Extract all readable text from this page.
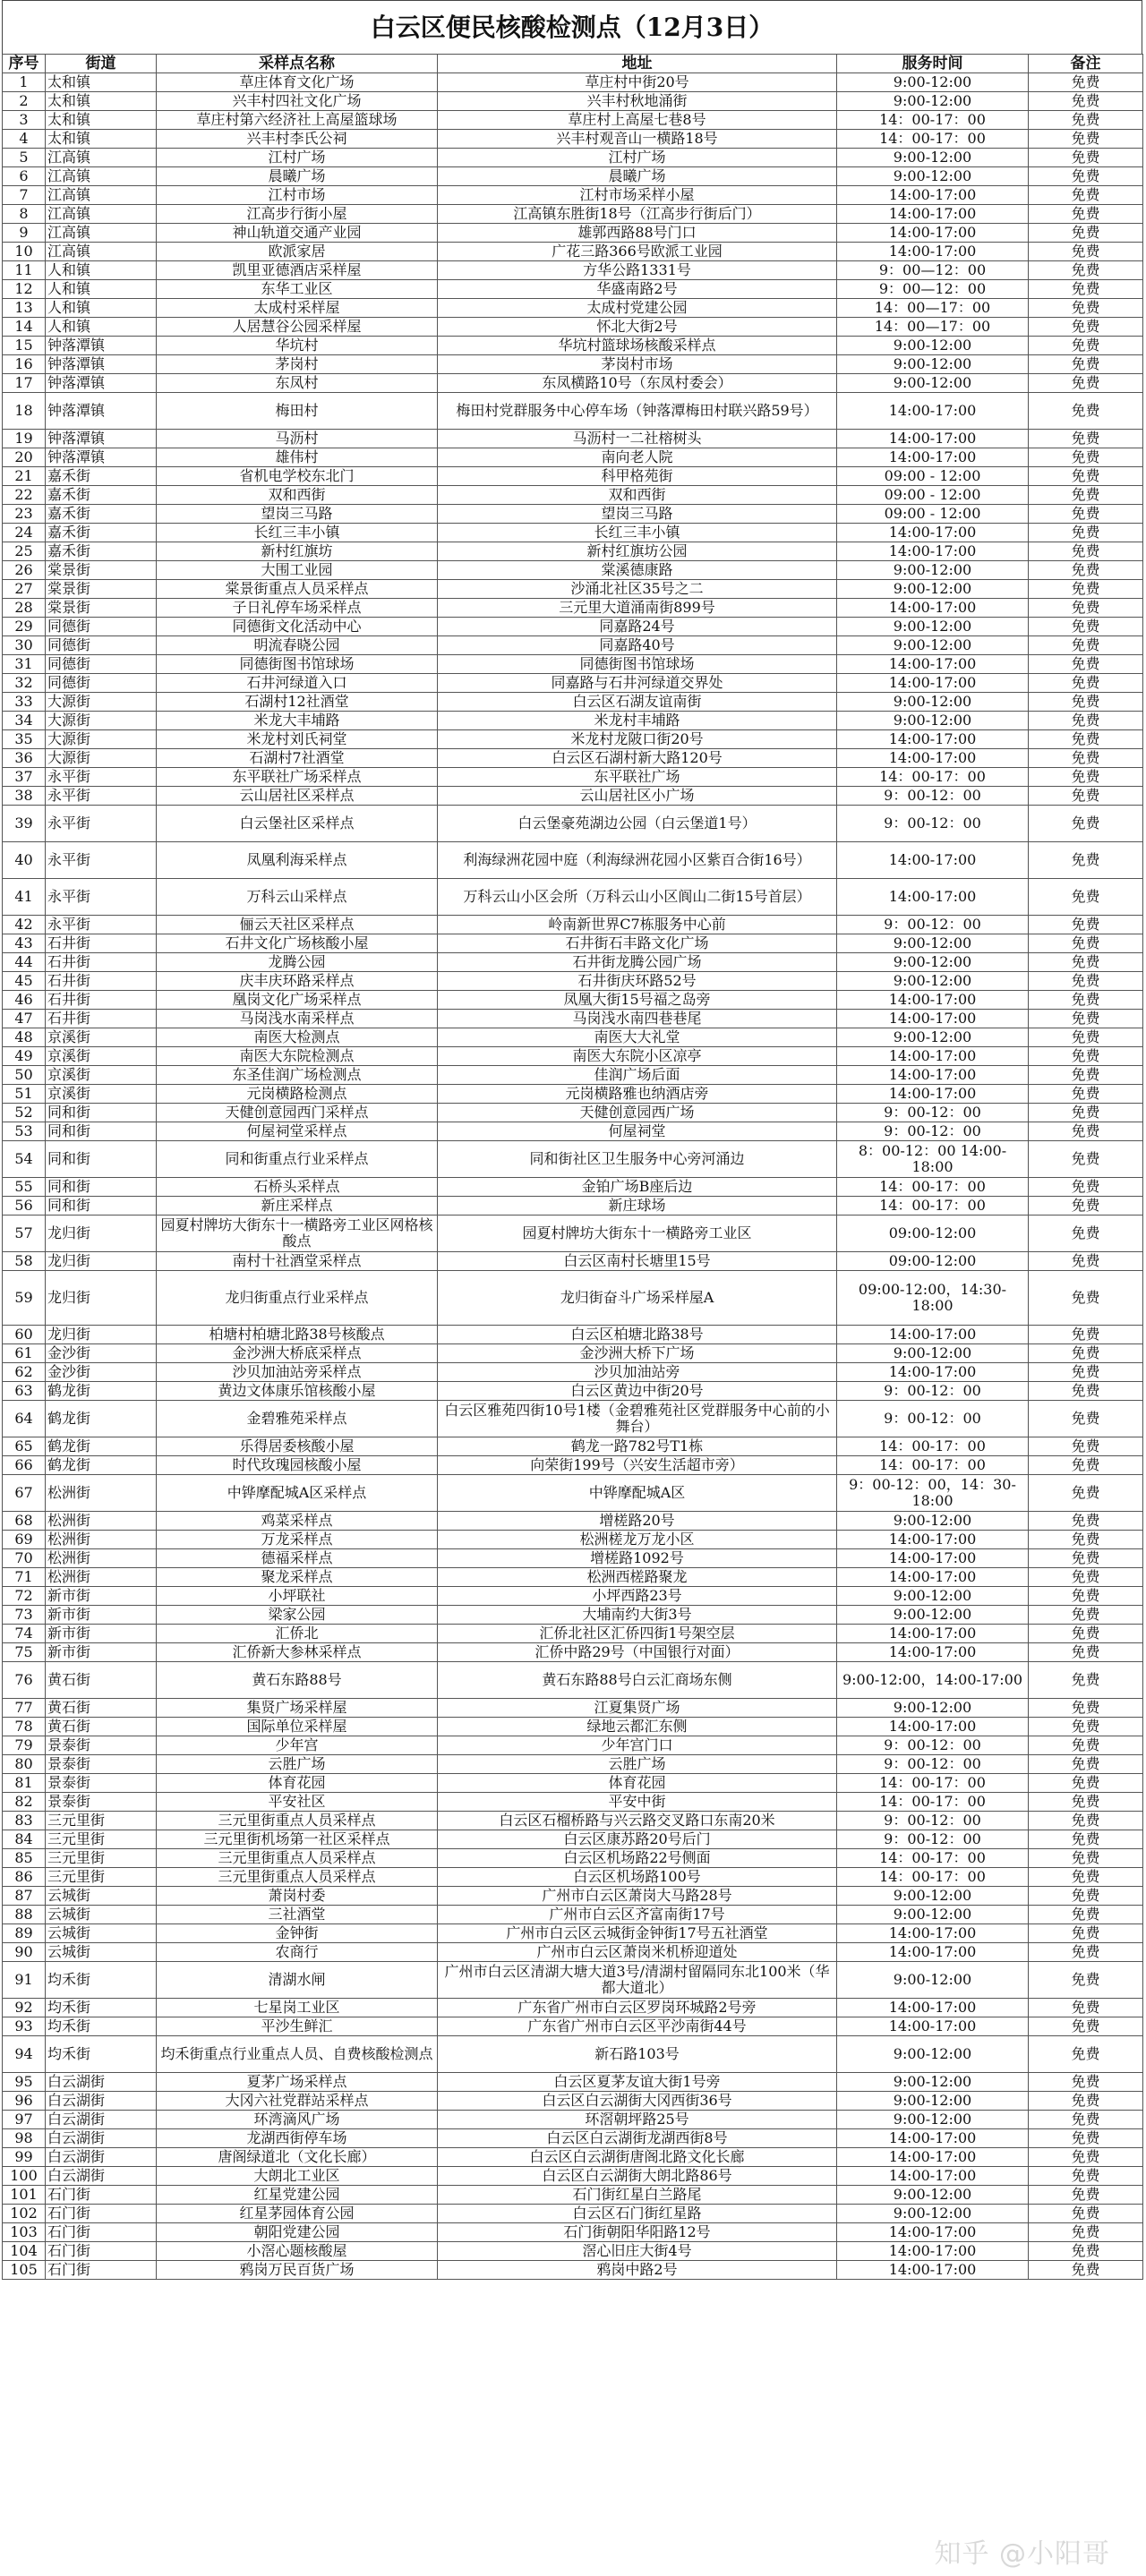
白云区便民核酸检测点（12月3日）
序号	街道	采样点名称	地址	服务时间	备注
1	太和镇	草庄体育文化广场	草庄村中街20号	9:00-12:00	免费
2	太和镇	兴丰村四社文化广场	兴丰村秋地涌街	9:00-12:00	免费
3	太和镇	草庄村第六经济社上高屋篮球场	草庄村上高屋七巷8号	14：00-17：00	免费
4	太和镇	兴丰村李氏公祠	兴丰村观音山一横路18号	14：00-17：00	免费
5	江高镇	江村广场	江村广场	9:00-12:00	免费
6	江高镇	晨曦广场	晨曦广场	9:00-12:00	免费
7	江高镇	江村市场	江村市场采样小屋	14:00-17:00	免费
8	江高镇	江高步行街小屋	江高镇东胜街18号（江高步行街后门）	14:00-17:00	免费
9	江高镇	神山轨道交通产业园	雄郭西路88号门口	14:00-17:00	免费
10	江高镇	欧派家居	广花三路366号欧派工业园	14:00-17:00	免费
11	人和镇	凯里亚德酒店采样屋	方华公路1331号	9：00—12：00	免费
12	人和镇	东华工业区	华盛南路2号	9：00—12：00	免费
13	人和镇	太成村采样屋	太成村党建公园	14：00—17：00	免费
14	人和镇	人居慧谷公园采样屋	怀北大街2号	14：00—17：00	免费
15	钟落潭镇	华坑村	华坑村篮球场核酸采样点	9:00-12:00	免费
16	钟落潭镇	茅岗村	茅岗村市场	9:00-12:00	免费
17	钟落潭镇	东凤村	东凤横路10号（东凤村委会）	9:00-12:00	免费
18	钟落潭镇	梅田村	梅田村党群服务中心停车场（钟落潭梅田村联兴路59号）	14:00-17:00	免费
19	钟落潭镇	马沥村	马沥村一二社榕树头	14:00-17:00	免费
20	钟落潭镇	雄伟村	南向老人院	14:00-17:00	免费
21	嘉禾街	省机电学校东北门	科甲格苑街	09:00 - 12:00	免费
22	嘉禾街	双和西街	双和西街	09:00 - 12:00	免费
23	嘉禾街	望岗三马路	望岗三马路	09:00 - 12:00	免费
24	嘉禾街	长红三丰小镇	长红三丰小镇	14:00-17:00	免费
25	嘉禾街	新村红旗坊	新村红旗坊公园	14:00-17:00	免费
26	棠景街	大围工业园	棠溪德康路	9:00-12:00	免费
27	棠景街	棠景街重点人员采样点	沙涌北社区35号之二	9:00-12:00	免费
28	棠景街	子日礼停车场采样点	三元里大道涌南街899号	14:00-17:00	免费
29	同德街	同德街文化活动中心	同嘉路24号	9:00-12:00	免费
30	同德街	明流春晓公园	同嘉路40号	9:00-12:00	免费
31	同德街	同德街图书馆球场	同德街图书馆球场	14:00-17:00	免费
32	同德街	石井河绿道入口	同嘉路与石井河绿道交界处	14:00-17:00	免费
33	大源街	石湖村12社酒堂	白云区石湖友谊南街	9:00-12:00	免费
34	大源街	米龙大丰埔路	米龙村丰埔路	9:00-12:00	免费
35	大源街	米龙村刘氏祠堂	米龙村龙陂口街20号	14:00-17:00	免费
36	大源街	石湖村7社酒堂	白云区石湖村新大路120号	14:00-17:00	免费
37	永平街	东平联社广场采样点	东平联社广场	14：00-17：00	免费
38	永平街	云山居社区采样点	云山居社区小广场	9：00-12：00	免费
39	永平街	白云堡社区采样点	白云堡豪苑湖边公园（白云堡道1号）	9：00-12：00	免费
40	永平街	凤凰利海采样点	利海绿洲花园中庭（利海绿洲花园小区紫百合街16号）	14:00-17:00	免费
41	永平街	万科云山采样点	万科云山小区会所（万科云山小区阆山二街15号首层）	14:00-17:00	免费
42	永平街	俪云天社区采样点	岭南新世界C7栋服务中心前	9：00-12：00	免费
43	石井街	石井文化广场核酸小屋	石井街石丰路文化广场	9:00-12:00	免费
44	石井街	龙腾公园	石井街龙腾公园广场	9:00-12:00	免费
45	石井街	庆丰庆环路采样点	石井街庆环路52号	9:00-12:00	免费
46	石井街	凰岗文化广场采样点	凤凰大街15号福之岛旁	14:00-17:00	免费
47	石井街	马岗浅水南采样点	马岗浅水南四巷巷尾	14:00-17:00	免费
48	京溪街	南医大检测点	南医大大礼堂	9:00-12:00	免费
49	京溪街	南医大东院检测点	南医大东院小区凉亭	14:00-17:00	免费
50	京溪街	东圣佳润广场检测点	佳润广场后面	14:00-17:00	免费
51	京溪街	元岗横路检测点	元岗横路雅也纳酒店旁	14:00-17:00	免费
52	同和街	天健创意园西门采样点	天健创意园西广场	9：00-12：00	免费
53	同和街	何屋祠堂采样点	何屋祠堂	9：00-12：00	免费
54	同和街	同和街重点行业采样点	同和街社区卫生服务中心旁河涌边	8：00-12：00 14:00-18:00	免费
55	同和街	石桥头采样点	金铂广场B座后边	14：00-17：00	免费
56	同和街	新庄采样点	新庄球场	14：00-17：00	免费
57	龙归街	园夏村牌坊大街东十一横路旁工业区网格核酸点	园夏村牌坊大街东十一横路旁工业区	09:00-12:00	免费
58	龙归街	南村十社酒堂采样点	白云区南村长塘里15号	09:00-12:00	免费
59	龙归街	龙归街重点行业采样点	龙归街奋斗广场采样屋A	09:00-12:00，14:30-18:00	免费
60	龙归街	柏塘村柏塘北路38号核酸点	白云区柏塘北路38号	14:00-17:00	免费
61	金沙街	金沙洲大桥底采样点	金沙洲大桥下广场	9:00-12:00	免费
62	金沙街	沙贝加油站旁采样点	沙贝加油站旁	14:00-17:00	免费
63	鹤龙街	黄边文体康乐馆核酸小屋	白云区黄边中街20号	9：00-12：00	免费
64	鹤龙街	金碧雅苑采样点	白云区雅苑四街10号1楼（金碧雅苑社区党群服务中心前的小舞台）	9：00-12：00	免费
65	鹤龙街	乐得居委核酸小屋	鹤龙一路782号T1栋	14：00-17：00	免费
66	鹤龙街	时代玫瑰园核酸小屋	向荣街199号（兴安生活超市旁）	14：00-17：00	免费
67	松洲街	中铧摩配城A区采样点	中铧摩配城A区	9：00-12：00，14：30-18:00	免费
68	松洲街	鸡菜采样点	增槎路20号	9:00-12:00	免费
69	松洲街	万龙采样点	松洲槎龙万龙小区	14:00-17:00	免费
70	松洲街	德福采样点	增槎路1092号	14:00-17:00	免费
71	松洲街	聚龙采样点	松洲西槎路聚龙	14:00-17:00	免费
72	新市街	小坪联社	小坪西路23号	9:00-12:00	免费
73	新市街	梁家公园	大埔南约大街3号	9:00-12:00	免费
74	新市街	汇侨北	汇侨北社区汇侨四街1号架空层	14:00-17:00	免费
75	新市街	汇侨新大参林采样点	汇侨中路29号（中国银行对面）	14:00-17:00	免费
76	黄石街	黄石东路88号	黄石东路88号白云汇商场东侧	9:00-12:00，14:00-17:00	免费
77	黄石街	集贤广场采样屋	江夏集贤广场	9:00-12:00	免费
78	黄石街	国际单位采样屋	绿地云都汇东侧	14:00-17:00	免费
79	景泰街	少年宫	少年宫门口	9：00-12：00	免费
80	景泰街	云胜广场	云胜广场	9：00-12：00	免费
81	景泰街	体育花园	体育花园	14：00-17：00	免费
82	景泰街	平安社区	平安中街	14：00-17：00	免费
83	三元里街	三元里街重点人员采样点	白云区石榴桥路与兴云路交叉路口东南20米	9：00-12：00	免费
84	三元里街	三元里街机场第一社区采样点	白云区康苏路20号后门	9：00-12：00	免费
85	三元里街	三元里街重点人员采样点	白云区机场路22号侧面	14：00-17：00	免费
86	三元里街	三元里街重点人员采样点	白云区机场路100号	14：00-17：00	免费
87	云城街	萧岗村委	广州市白云区萧岗大马路28号	9:00-12:00	免费
88	云城街	三社酒堂	广州市白云区齐富南街17号	9:00-12:00	免费
89	云城街	金钟街	广州市白云区云城街金钟街17号五社酒堂	14:00-17:00	免费
90	云城街	农商行	广州市白云区萧岗米机桥迎道处	14:00-17:00	免费
91	均禾街	清湖水闸	广州市白云区清湖大塘大道3号/清湖村留隔同东北100米（华都大道北）	9:00-12:00	免费
92	均禾街	七星岗工业区	广东省广州市白云区罗岗环城路2号旁	14:00-17:00	免费
93	均禾街	平沙生鲜汇	广东省广州市白云区平沙南街44号	14:00-17:00	免费
94	均禾街	均禾街重点行业重点人员、自费核酸检测点	新石路103号	9:00-12:00	免费
95	白云湖街	夏茅广场采样点	白云区夏茅友谊大街1号旁	9:00-12:00	免费
96	白云湖街	大冈六社党群站采样点	白云区白云湖街大冈西街36号	9:00-12:00	免费
97	白云湖街	环湾滴风广场	环滘朝坪路25号	9:00-12:00	免费
98	白云湖街	龙湖西街停车场	白云区白云湖街龙湖西街8号	14:00-17:00	免费
99	白云湖街	唐阁绿道北（文化长廊）	白云区白云湖街唐阁北路文化长廊	14:00-17:00	免费
100	白云湖街	大朗北工业区	白云区白云湖街大朗北路86号	14:00-17:00	免费
101	石门街	红星党建公园	石门街红星白兰路尾	9:00-12:00	免费
102	石门街	红星茅园体育公园	白云区石门街红星路	9:00-12:00	免费
103	石门街	朝阳党建公园	石门街朝阳华阳路12号	14:00-17:00	免费
104	石门街	小滘心题核酸屋	滘心旧庄大街4号	14:00-17:00	免费
105	石门街	鸦岗万民百货广场	鸦岗中路2号	14:00-17:00	免费
知乎 @小阳哥
